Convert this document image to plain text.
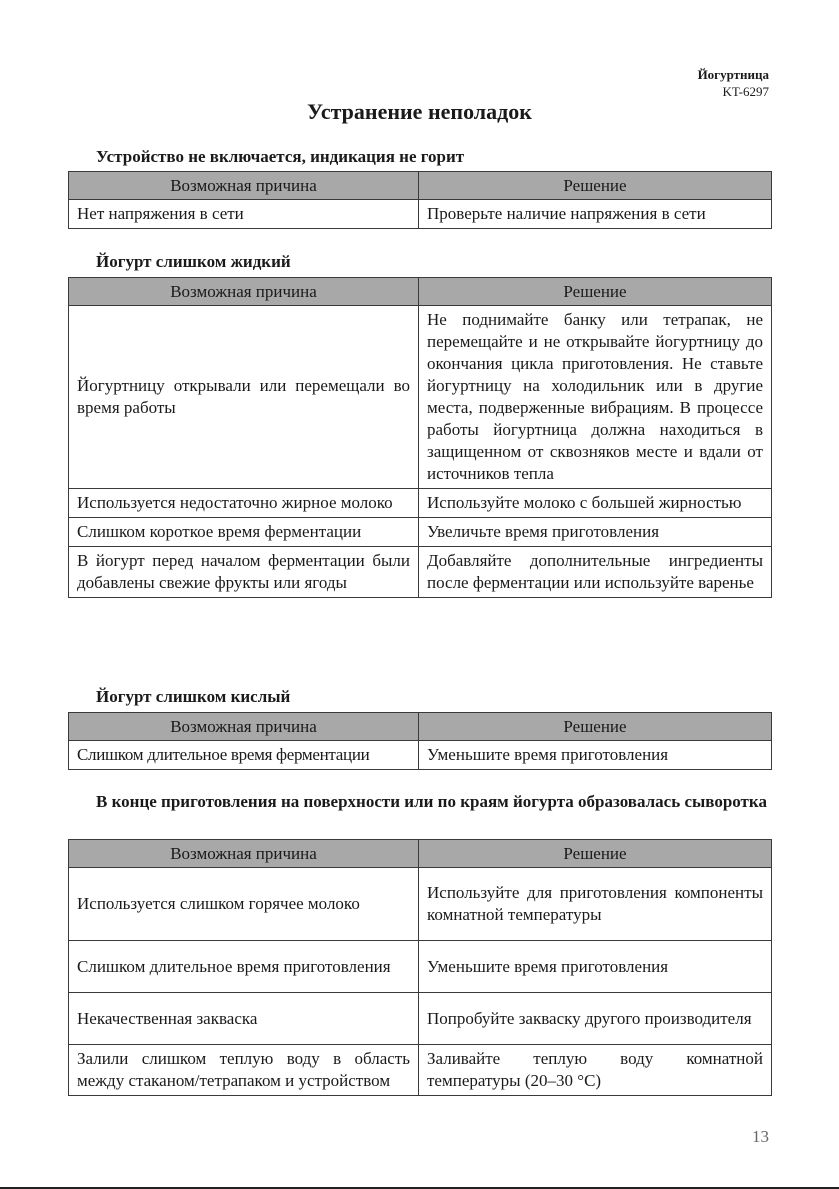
Йогуртница
KT-6297
Устранение неполадок
Устройство не включается, индикация не горит
Возможная причина	Решение
Нет напряжения в сети	Проверьте наличие напряжения в сети
Йогурт слишком жидкий
Возможная причина	Решение
Йогуртницу открывали или перемещали во время работы	Не поднимайте банку или тетрапак, не перемещайте и не открывайте йогуртницу до окончания цикла приготовления. Не ставьте йогуртницу на холодильник или в другие места, подверженные вибрациям. В процессе работы йогуртница должна находиться в защищенном от сквозняков месте и вдали от источников тепла
Используется недостаточно жирное молоко	Используйте молоко с большей жирностью
Слишком короткое время ферментации	Увеличьте время приготовления
В йогурт перед началом ферментации были добавлены свежие фрукты или ягоды	Добавляйте дополнительные ингредиенты после ферментации или используйте варенье
Йогурт слишком кислый
Возможная причина	Решение
Слишком длительное время ферментации	Уменьшите время приготовления
В конце приготовления на поверхности или по краям йогурта образовалась сыворотка
Возможная причина	Решение
Используется слишком горячее молоко	Используйте для приготовления компоненты комнатной температуры
Слишком длительное время приготовления	Уменьшите время приготовления
Некачественная закваска	Попробуйте закваску другого производителя
Залили слишком теплую воду в область между стаканом/тетрапаком и устройством	Заливайте теплую воду комнатной температуры (20–30 °C)
13
